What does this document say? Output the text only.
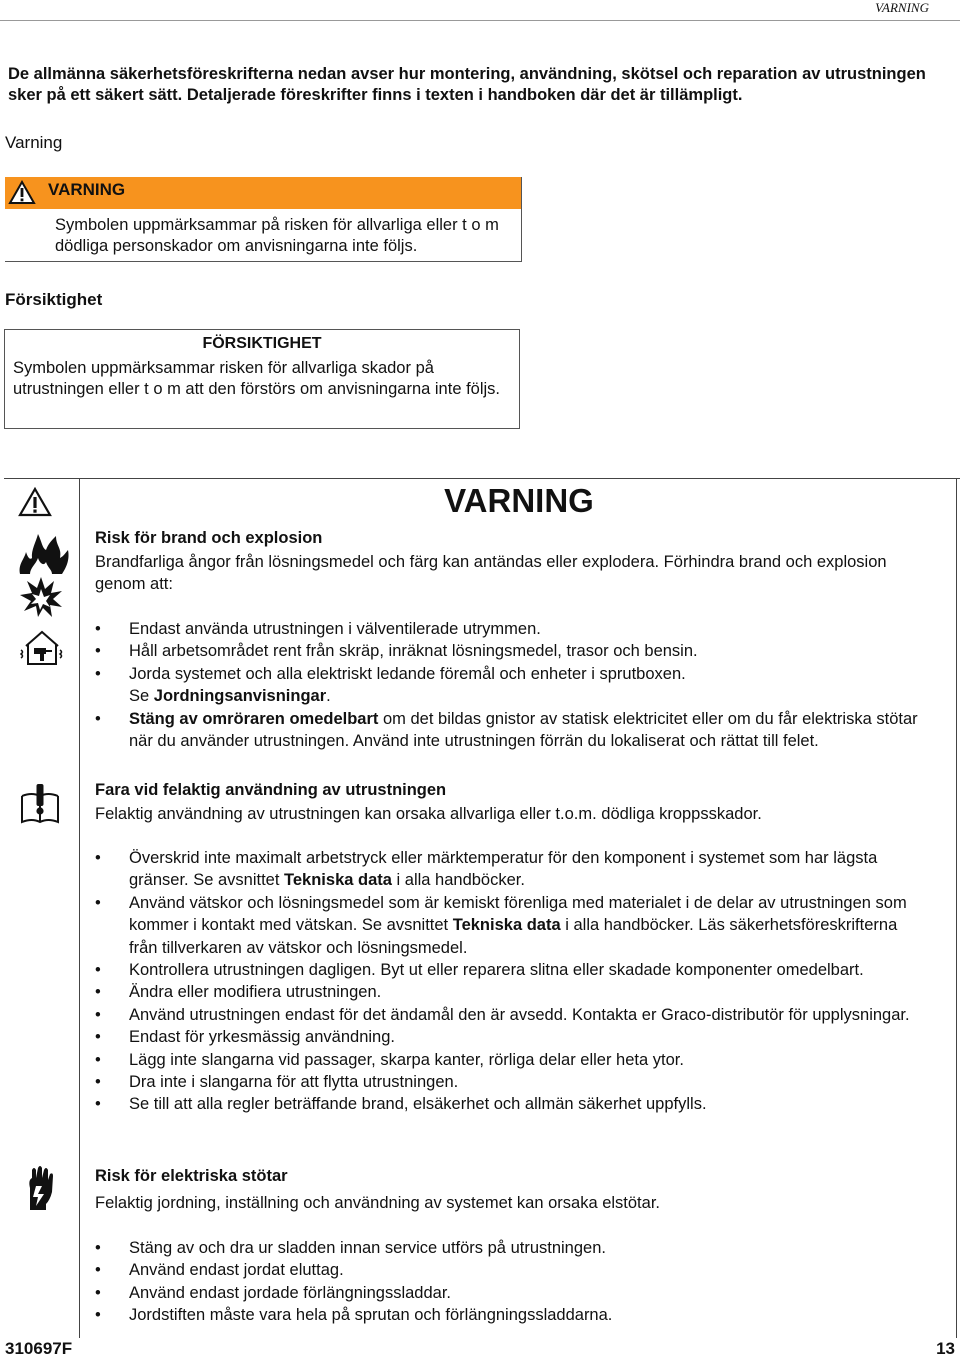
VARNING
De allmänna säkerhetsföreskrifterna nedan avser hur montering, användning, skötsel och reparation av utrustningen sker på ett säkert sätt. Detaljerade föreskrifter finns i texten i handboken där det är tillämpligt.
Varning
VARNING
Symbolen uppmärksammar på risken för allvarliga eller t o m dödliga personskador om anvisningarna inte följs.
Försiktighet
FÖRSIKTIGHET
Symbolen uppmärksammar risken för allvarliga skador på utrustningen eller t o m att den förstörs om anvisningarna inte följs.
VARNING
Risk för brand och explosion
Brandfarliga ångor från lösningsmedel och färg kan antändas eller explodera. Förhindra brand och explosion genom att:
• Endast använda utrustningen i välventilerade utrymmen.
• Håll arbetsområdet rent från skräp, inräknat lösningsmedel, trasor och bensin.
• Jorda systemet och alla elektriskt ledande föremål och enheter i sprutboxen.
Se Jordningsanvisningar.
• Stäng av omröraren omedelbart om det bildas gnistor av statisk elektricitet eller om du får elektriska stötar när du använder utrustningen. Använd inte utrustningen förrän du lokaliserat och rättat till felet.
Fara vid felaktig användning av utrustningen
Felaktig användning av utrustningen kan orsaka allvarliga eller t.o.m. dödliga kroppsskador.
• Överskrid inte maximalt arbetstryck eller märktemperatur för den komponent i systemet som har lägsta gränser. Se avsnittet Tekniska data i alla handböcker.
• Använd vätskor och lösningsmedel som är kemiskt förenliga med materialet i de delar av utrustningen som kommer i kontakt med vätskan. Se avsnittet Tekniska data i alla handböcker. Läs säkerhetsföreskrifterna från tillverkaren av vätskor och lösningsmedel.
• Kontrollera utrustningen dagligen. Byt ut eller reparera slitna eller skadade komponenter omedelbart.
• Ändra eller modifiera utrustningen.
• Använd utrustningen endast för det ändamål den är avsedd. Kontakta er Graco-distributör för upplysningar.
• Endast för yrkesmässig användning.
• Lägg inte slangarna vid passager, skarpa kanter, rörliga delar eller heta ytor.
• Dra inte i slangarna för att flytta utrustningen.
• Se till att alla regler beträffande brand, elsäkerhet och allmän säkerhet uppfylls.
Risk för elektriska stötar
Felaktig jordning, inställning och användning av systemet kan orsaka elstötar.
• Stäng av och dra ur sladden innan service utförs på utrustningen.
• Använd endast jordat eluttag.
• Använd endast jordade förlängningssladdar.
• Jordstiften måste vara hela på sprutan och förlängningssladdarna.
310697F	13
